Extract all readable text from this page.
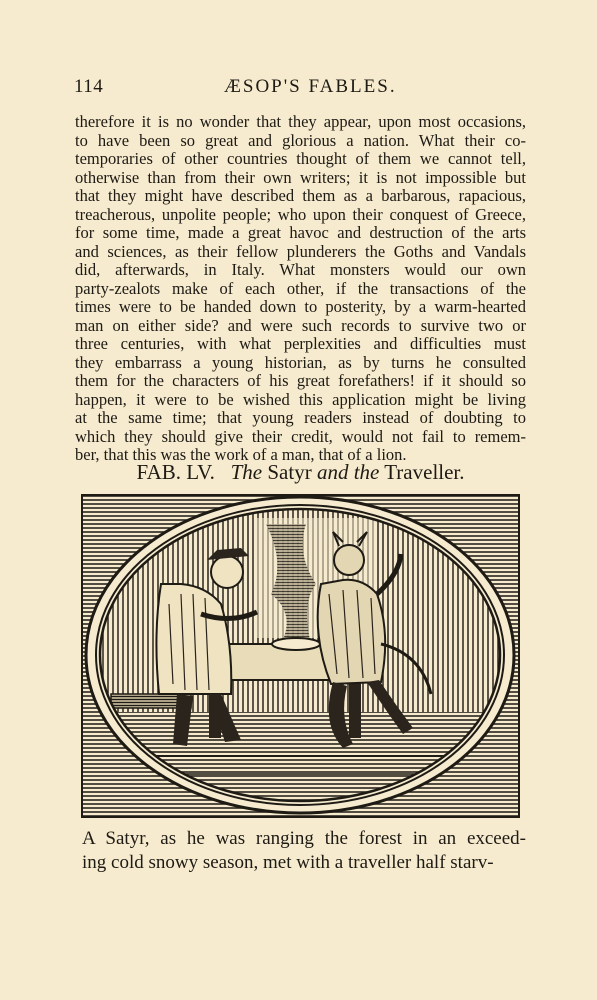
114	ÆSOP'S FABLES.
therefore it is no wonder that they appear, upon most occasions,
to have been so great and glorious a nation. What their co-
temporaries of other countries thought of them we cannot tell,
otherwise than from their own writers; it is not impossible but
that they might have described them as a barbarous, rapacious,
treacherous, unpolite people; who upon their conquest of Greece,
for some time, made a great havoc and destruction of the arts
and sciences, as their fellow plunderers the Goths and Vandals
did, afterwards, in Italy. What monsters would our own
party-zealots make of each other, if the transactions of the
times were to be handed down to posterity, by a warm-hearted
man on either side? and were such records to survive two or
three centuries, with what perplexities and difficulties must
they embarrass a young historian, as by turns he consulted
them for the characters of his great forefathers! if it should so
happen, it were to be wished this application might be living
at the same time; that young readers instead of doubting to
which they should give their credit, would not fail to remem-
ber, that this was the work of a man, that of a lion.
FAB. LV. The Satyr and the Traveller.
A Satyr, as he was ranging the forest in an exceed-
ing cold snowy season, met with a traveller half starv-
